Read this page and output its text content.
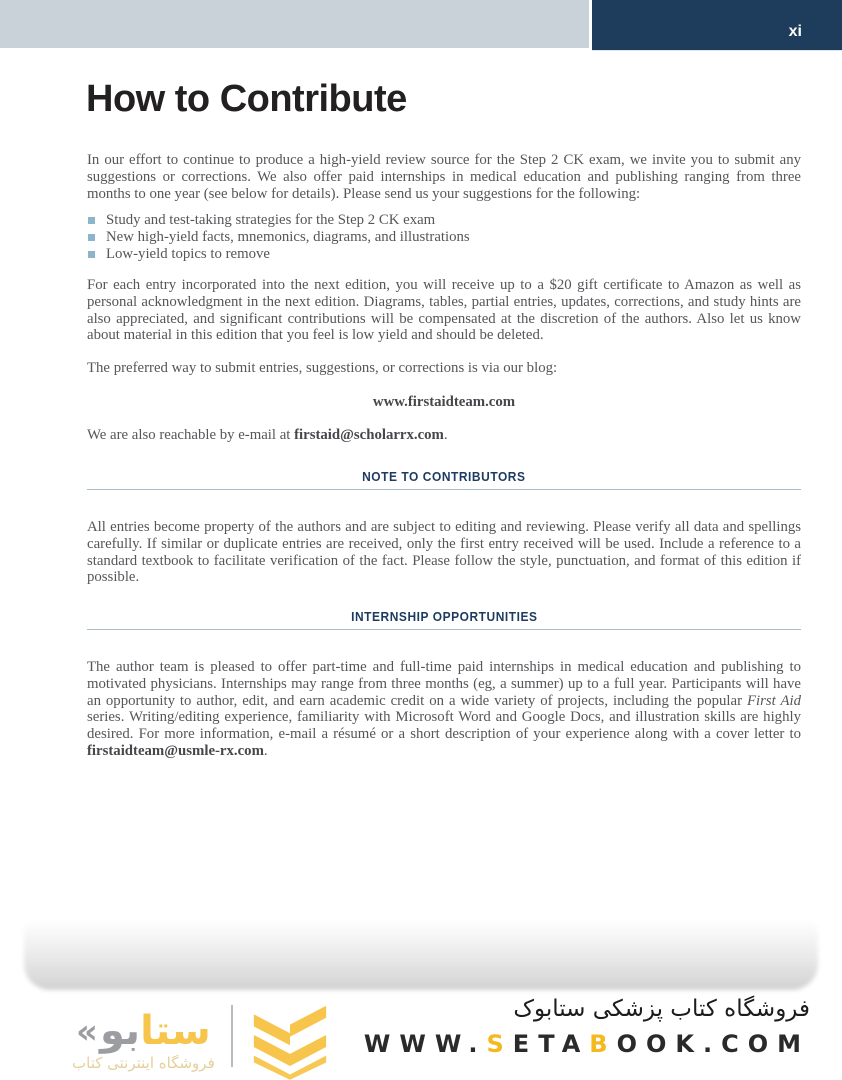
xi
How to Contribute

In our effort to continue to produce a high-yield review source for the Step 2 CK exam, we invite you to submit any suggestions or corrections. We also offer paid internships in medical education and publishing ranging from three months to one year (see below for details). Please send us your suggestions for the following:

Study and test-taking strategies for the Step 2 CK exam
New high-yield facts, mnemonics, diagrams, and illustrations
Low-yield topics to remove

For each entry incorporated into the next edition, you will receive up to a $20 gift certificate to Amazon as well as personal acknowledgment in the next edition. Diagrams, tables, partial entries, updates, corrections, and study hints are also appreciated, and significant contributions will be compensated at the discretion of the authors. Also let us know about material in this edition that you feel is low yield and should be deleted.

The preferred way to submit entries, suggestions, or corrections is via our blog:

www.firstaidteam.com

We are also reachable by e-mail at firstaid@scholarrx.com.

NOTE TO CONTRIBUTORS

All entries become property of the authors and are subject to editing and reviewing. Please verify all data and spellings carefully. If similar or duplicate entries are received, only the first entry received will be used. Include a reference to a standard textbook to facilitate verification of the fact. Please follow the style, punctuation, and format of this edition if possible.

INTERNSHIP OPPORTUNITIES

The author team is pleased to offer part-time and full-time paid internships in medical education and publishing to motivated physicians. Internships may range from three months (eg, a summer) up to a full year. Participants will have an opportunity to author, edit, and earn academic credit on a wide variety of projects, including the popular First Aid series. Writing/editing experience, familiarity with Microsoft Word and Google Docs, and illustration skills are highly desired. For more information, e-mail a résumé or a short description of your experience along with a cover letter to firstaidteam@usmle-rx.com.

« بو ستا
فروشگاه اینترنتی کتاب
فروشگاه کتاب پزشکی ستابوک
WWW.SETABOOK.COM
